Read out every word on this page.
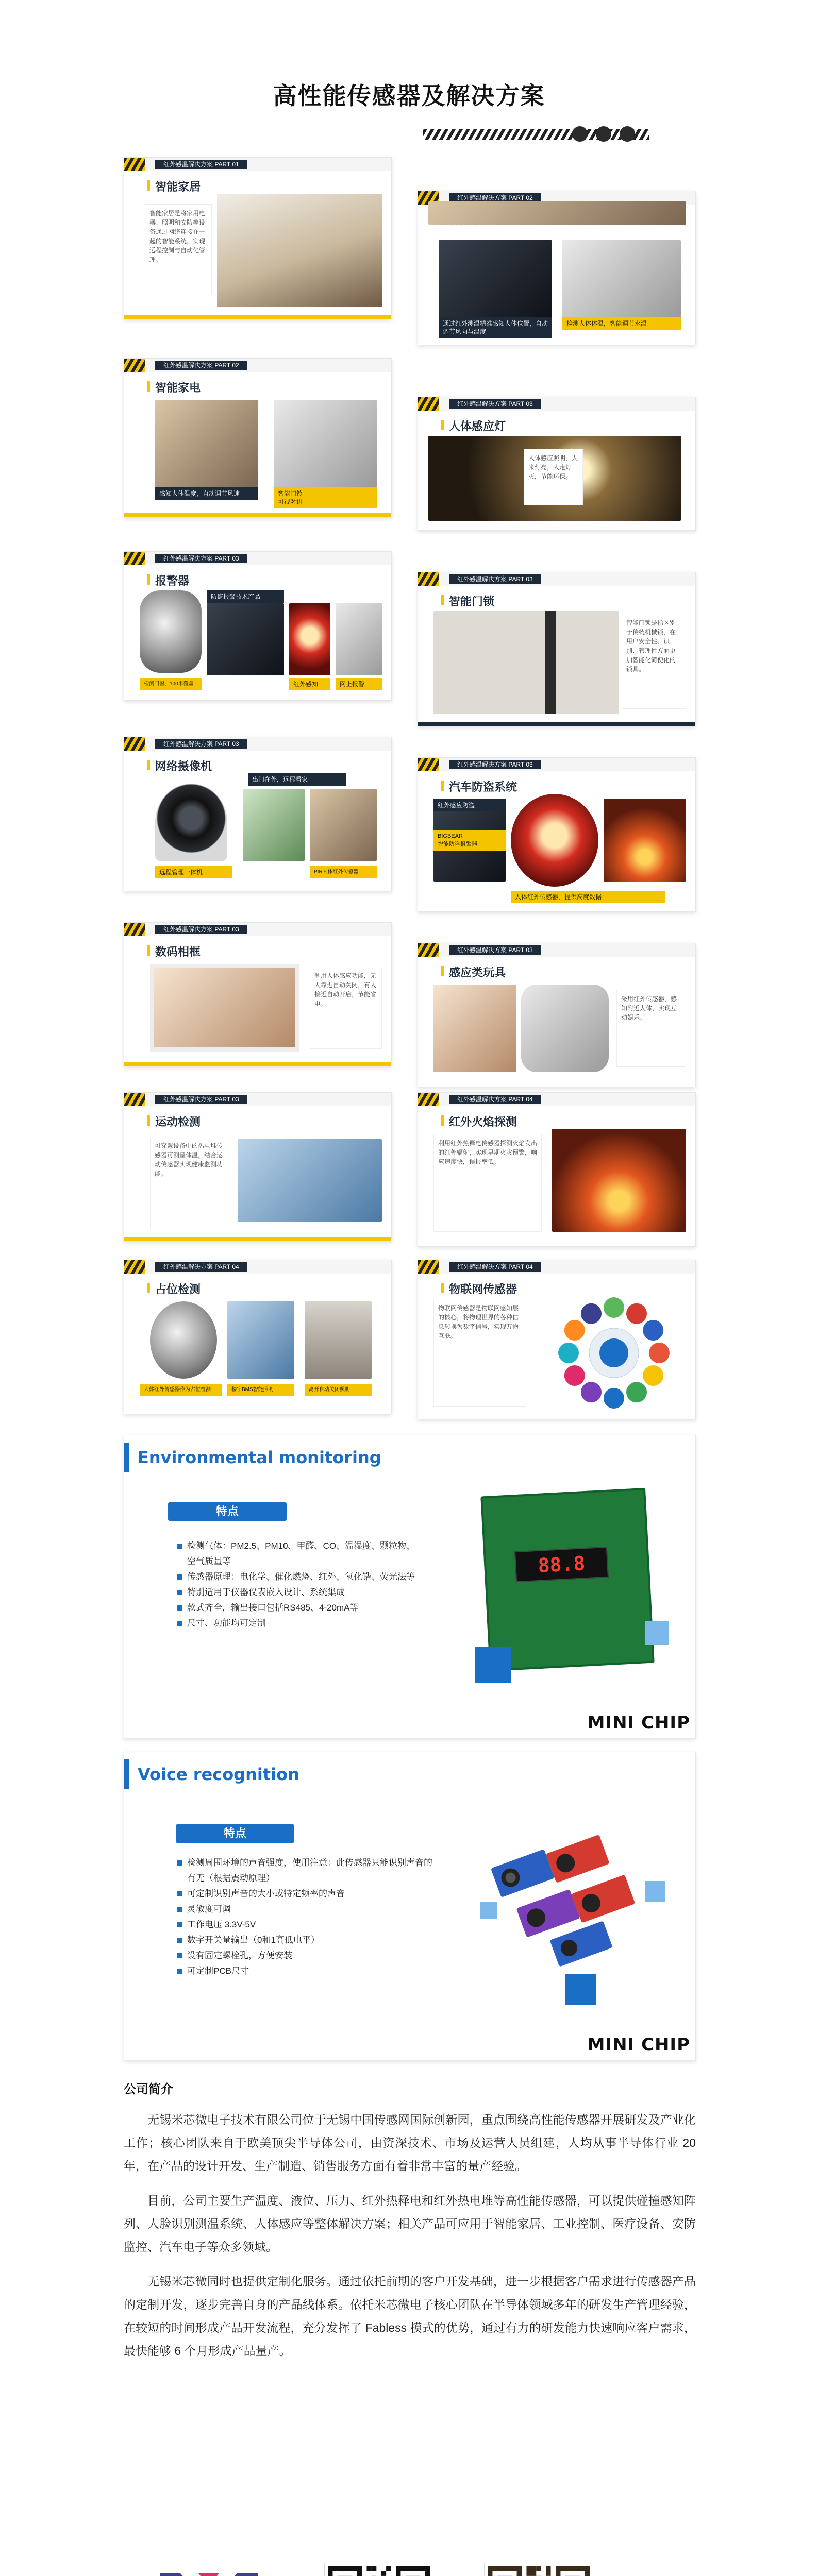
高性能传感器及解决方案
红外感温解决方案 PART 01
智能家居
智能家居是将家用电器、照明和安防等设备通过网络连接在一起的智能系统，实现远程控制与自动化管理。
红外感温解决方案 PART 02
通过红外测温精准感知人体位置，自动调节风向与温度
检测人体体温，智能调节水温
红外感温解决方案 PART 02
智能家电
感知人体温度，自动调节风速	智能门铃
可视对讲
红外感温解决方案 PART 03
人体感应灯
人体感应照明，人来灯亮，人走灯灭，节能环保。
红外感温解决方案 PART 03
报警器
防盗报警技术产品
检测门窗、100米覆盖	红外感知	网上报警
红外感温解决方案 PART 03
智能门锁
智能门锁是指区别于传统机械锁，在用户安全性、识别、管理性方面更加智能化简便化的锁具。
红外感温解决方案 PART 03
网络摄像机
出门在外，远程看家
远程管理一体机	PIR人体红外传感器
红外感温解决方案 PART 03
汽车防盗系统
BIGBEAR
智能防盗报警器
红外感应防盗
人体红外传感器，提供高度数据
红外感温解决方案 PART 03
数码相框
利用人体感应功能，无人靠近自动关闭，有人接近自动开启，节能省电。
红外感温解决方案 PART 03
感应类玩具
采用红外传感器，感知附近人体，实现互动娱乐。
红外感温解决方案 PART 03
运动检测
可穿戴设备中的热电堆传感器可测量体温，结合运动传感器实现健康监测功能。
红外感温解决方案 PART 04
红外火焰探测
利用红外热释电传感器探测火焰发出的红外辐射，实现早期火灾预警，响应速度快，误报率低。
红外感温解决方案 PART 04
占位检测
人体红外传感器作为占位检测	楼宇BMS智能照明	离开自动关闭照明
红外感温解决方案 PART 04
物联网传感器
物联网传感器是物联网感知层的核心，将物理世界的各种信息转换为数字信号，实现万物互联。
Environmental monitoring
特点
检测气体：PM2.5、PM10、甲醛、CO、温湿度、颗粒物、空气质量等
传感器原理：电化学、催化燃烧、红外、氧化锆、荧光法等
特别适用于仪器仪表嵌入设计、系统集成
款式齐全，输出接口包括RS485、4-20mA等
尺寸、功能均可定制
88.8
MINI CHIP
Voice recognition
特点
检测周围环境的声音强度，使用注意：此传感器只能识别声音的有无（根据震动原理）
可定制识别声音的大小或特定频率的声音
灵敏度可调
工作电压 3.3V-5V
数字开关量输出（0和1高低电平）
设有固定螺栓孔，方便安装
可定制PCB尺寸
MINI CHIP
公司简介

无锡米芯微电子技术有限公司位于无锡中国传感网国际创新园，重点围绕高性能传感器开展研发及产业化工作；核心团队来自于欧美顶尖半导体公司，由资深技术、市场及运营人员组建，人均从事半导体行业 20 年，在产品的设计开发、生产制造、销售服务方面有着非常丰富的量产经验。

目前，公司主要生产温度、液位、压力、红外热释电和红外热电堆等高性能传感器，可以提供碰撞感知阵列、人脸识别测温系统、人体感应等整体解决方案；相关产品可应用于智能家居、工业控制、医疗设备、安防监控、汽车电子等众多领域。

无锡米芯微同时也提供定制化服务。通过依托前期的客户开发基础，进一步根据客户需求进行传感器产品的定制开发，逐步完善自身的产品线体系。依托米芯微电子核心团队在半导体领域多年的研发生产管理经验，在较短的时间形成产品开发流程，充分发挥了 Fabless 模式的优势，通过有力的研发能力快速响应客户需求，最快能够 6 个月形成产品量产。
